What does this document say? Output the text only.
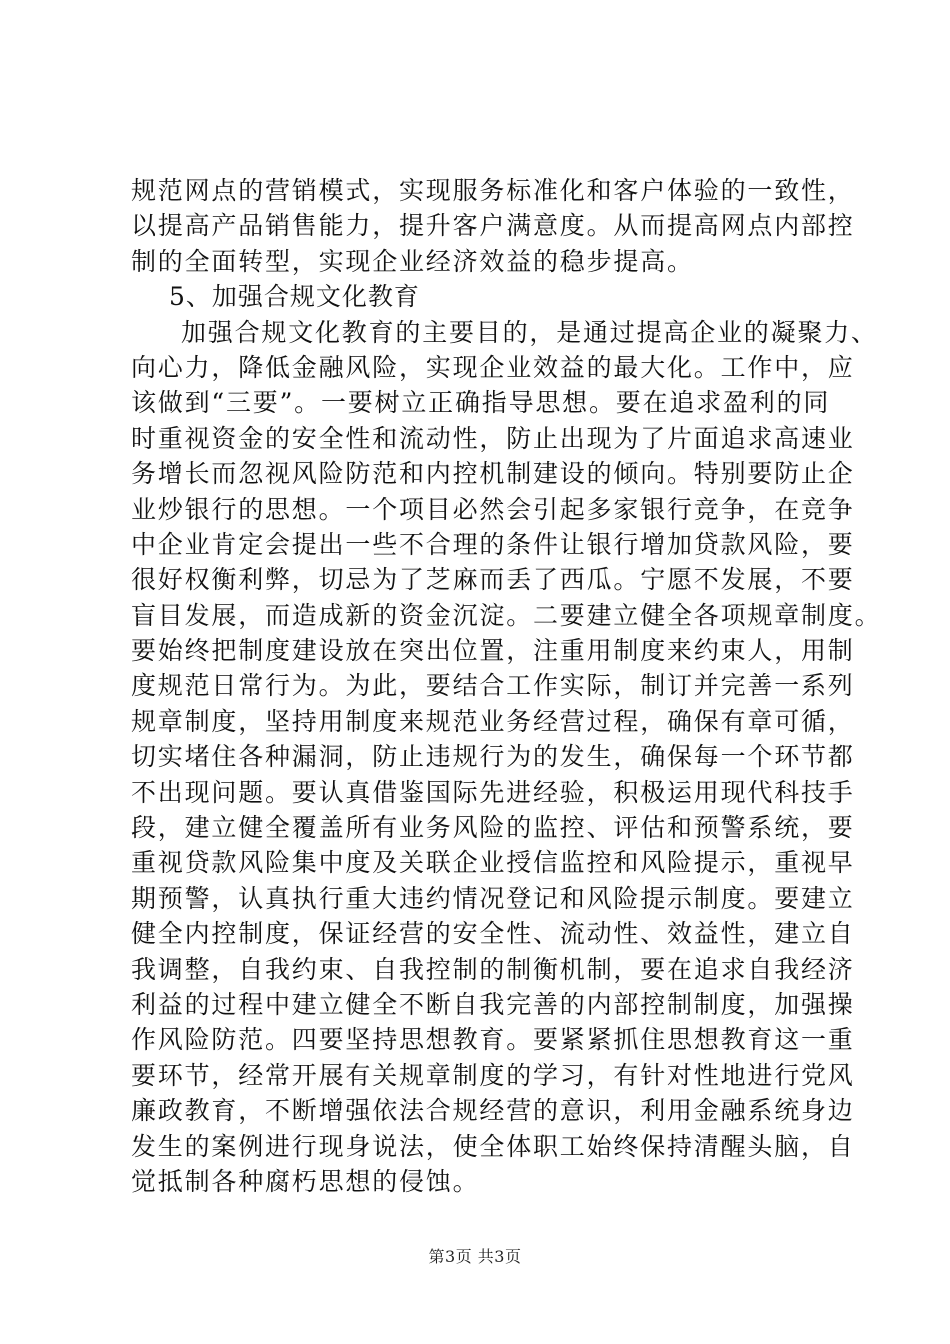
规范网点的营销模式，实现服务标准化和客户体验的一致性，
以提高产品销售能力，提升客户满意度。从而提高网点内部控
制的全面转型，实现企业经济效益的稳步提高。
5、加强合规文化教育
加强合规文化教育的主要目的，是通过提高企业的凝聚力、
向心力，降低金融风险，实现企业效益的最大化。工作中，应
该做到“三要”。一要树立正确指导思想。要在追求盈利的同
时重视资金的安全性和流动性，防止出现为了片面追求高速业
务增长而忽视风险防范和内控机制建设的倾向。特别要防止企
业炒银行的思想。一个项目必然会引起多家银行竞争，在竞争
中企业肯定会提出一些不合理的条件让银行增加贷款风险，要
很好权衡利弊，切忌为了芝麻而丢了西瓜。宁愿不发展，不要
盲目发展，而造成新的资金沉淀。二要建立健全各项规章制度。
要始终把制度建设放在突出位置，注重用制度来约束人，用制
度规范日常行为。为此，要结合工作实际，制订并完善一系列
规章制度，坚持用制度来规范业务经营过程，确保有章可循，
切实堵住各种漏洞，防止违规行为的发生，确保每一个环节都
不出现问题。要认真借鉴国际先进经验，积极运用现代科技手
段，建立健全覆盖所有业务风险的监控、评估和预警系统，要
重视贷款风险集中度及关联企业授信监控和风险提示，重视早
期预警，认真执行重大违约情况登记和风险提示制度。要建立
健全内控制度，保证经营的安全性、流动性、效益性，建立自
我调整，自我约束、自我控制的制衡机制，要在追求自我经济
利益的过程中建立健全不断自我完善的内部控制制度，加强操
作风险防范。四要坚持思想教育。要紧紧抓住思想教育这一重
要环节，经常开展有关规章制度的学习，有针对性地进行党风
廉政教育，不断增强依法合规经营的意识，利用金融系统身边
发生的案例进行现身说法，使全体职工始终保持清醒头脑，自
觉抵制各种腐朽思想的侵蚀。
第3页 共3页
